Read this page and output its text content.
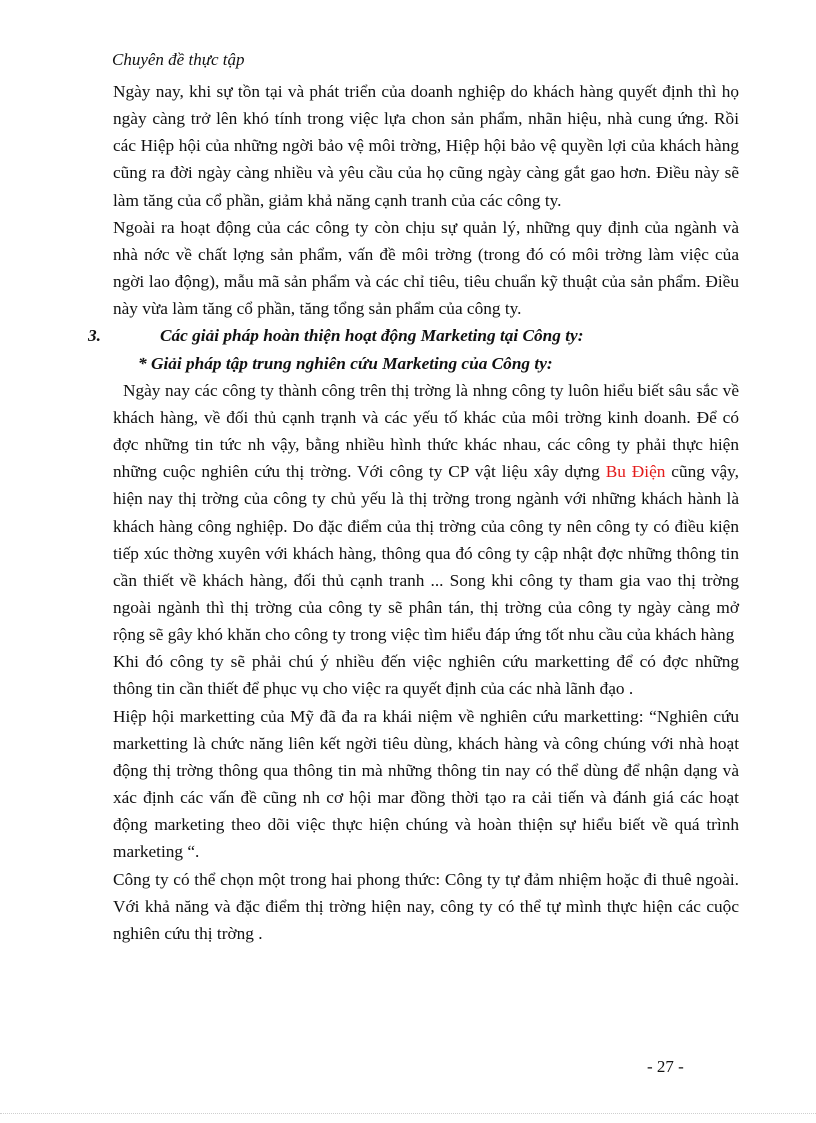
Chuyên đề thực tập

Ngày nay, khi sự tồn tại và phát triển của doanh nghiệp do khách hàng quyết định thì họ ngày càng trở lên khó tính trong việc lựa chon sản phẩm, nhãn hiệu, nhà cung ứng. Rồi các Hiệp hội của những ngời bảo vệ môi trờng, Hiệp hội bảo vệ quyền lợi của khách hàng cũng ra đời ngày càng nhiều và yêu cầu của họ cũng ngày càng gắt gao hơn. Điều này sẽ làm tăng của cổ phần, giảm khả năng cạnh tranh của các công ty.

Ngoài ra hoạt động của các công ty còn chịu sự quản lý, những quy định của ngành và nhà nớc về chất lợng sản phẩm, vấn đề môi trờng (trong đó có môi trờng làm việc của ngời lao động), mẫu mã sản phẩm và các chỉ tiêu, tiêu chuẩn kỹ thuật của sản phẩm. Điều này vừa làm tăng cổ phần, tăng tổng sản phẩm của công ty.

3.	Các giải pháp hoàn thiện hoạt động Marketing tại Công ty:
* Giải pháp tập trung nghiên cứu Marketing của Công ty:

Ngày nay các công ty thành công trên thị trờng là nhng công ty luôn hiểu biết sâu sắc về khách hàng, về đối thủ cạnh trạnh và các yếu tố khác của môi trờng kinh doanh. Để có đợc những tin tức nh vậy, bằng nhiều hình thức khác nhau, các công ty phải thực hiện những cuộc nghiên cứu thị trờng. Với công ty CP vật liệu xây dựng Bu Điện cũng vậy, hiện nay thị trờng của công ty chủ yếu là thị trờng trong ngành với những khách hành là khách hàng công nghiệp. Do đặc điểm của thị trờng của công ty nên công ty có điều kiện tiếp xúc thờng xuyên với khách hàng, thông qua đó công ty cập nhật đợc những thông tin cần thiết về khách hàng, đối thủ cạnh tranh ... Song khi công ty tham gia vao thị trờng ngoài ngành thì thị trờng của công ty sẽ phân tán, thị trờng của công ty ngày càng mở rộng sẽ gây khó khăn cho công ty trong việc tìm hiểu đáp ứng tốt nhu cầu của khách hàng

Khi đó công ty sẽ phải chú ý nhiều đến việc nghiên cứu marketting để có đợc những thông tin cần thiết để phục vụ cho việc ra quyết định của các nhà lãnh đạo .

Hiệp hội marketting của Mỹ đã đa ra khái niệm về nghiên cứu marketting: “Nghiên cứu marketting là chức năng liên kết ngời tiêu dùng, khách hàng và công chúng với nhà hoạt động thị trờng thông qua thông tin mà những thông tin nay có thể dùng để nhận dạng và xác định các vấn đề cũng nh cơ hội mar đồng thời tạo ra cải tiến và đánh giá các hoạt động marketing theo dõi việc thực hiện chúng và hoàn thiện sự hiểu biết về quá trình marketing “.

Công ty có thể chọn một trong hai phong thức: Công ty tự đảm nhiệm hoặc đi thuê ngoài. Với khả năng và đặc điểm thị trờng hiện nay, công ty có thể tự mình thực hiện các cuộc nghiên cứu thị trờng .

- 27 -
